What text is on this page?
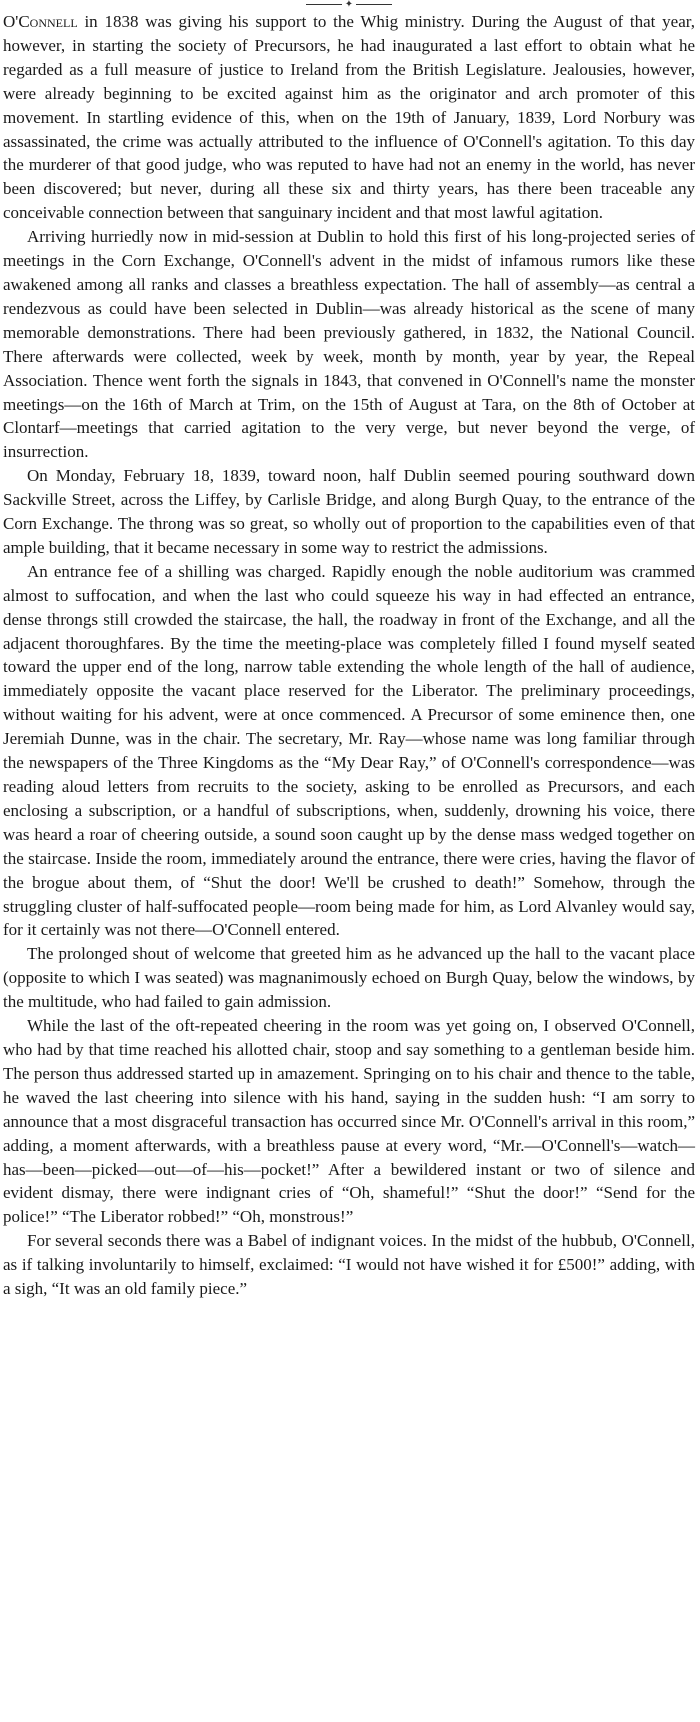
✦

O'Connell in 1838 was giving his support to the Whig ministry. During the August of that year, however, in starting the society of Precursors, he had inaugurated a last effort to obtain what he regarded as a full measure of justice to Ireland from the British Legislature. Jealousies, however, were already beginning to be excited against him as the originator and arch promoter of this movement. In startling evidence of this, when on the 19th of January, 1839, Lord Norbury was assassinated, the crime was actually attributed to the influence of O'Connell's agitation. To this day the murderer of that good judge, who was reputed to have had not an enemy in the world, has never been discovered; but never, during all these six and thirty years, has there been traceable any conceivable connection between that sanguinary incident and that most lawful agitation.

Arriving hurriedly now in mid-session at Dublin to hold this first of his long-projected series of meetings in the Corn Exchange, O'Connell's advent in the midst of infamous rumors like these awakened among all ranks and classes a breathless expectation. The hall of assembly—as central a rendezvous as could have been selected in Dublin—was already historical as the scene of many memorable demonstrations. There had been previously gathered, in 1832, the National Council. There afterwards were collected, week by week, month by month, year by year, the Repeal Association. Thence went forth the signals in 1843, that convened in O'Connell's name the monster meetings—on the 16th of March at Trim, on the 15th of August at Tara, on the 8th of October at Clontarf—meetings that carried agitation to the very verge, but never beyond the verge, of insurrection.

On Monday, February 18, 1839, toward noon, half Dublin seemed pouring southward down Sackville Street, across the Liffey, by Carlisle Bridge, and along Burgh Quay, to the entrance of the Corn Exchange. The throng was so great, so wholly out of proportion to the capabilities even of that ample building, that it became necessary in some way to restrict the admissions.

An entrance fee of a shilling was charged. Rapidly enough the noble auditorium was crammed almost to suffocation, and when the last who could squeeze his way in had effected an entrance, dense throngs still crowded the staircase, the hall, the roadway in front of the Exchange, and all the adjacent thoroughfares. By the time the meeting-place was completely filled I found myself seated toward the upper end of the long, narrow table extending the whole length of the hall of audience, immediately opposite the vacant place reserved for the Liberator. The preliminary proceedings, without waiting for his advent, were at once commenced. A Precursor of some eminence then, one Jeremiah Dunne, was in the chair. The secretary, Mr. Ray—whose name was long familiar through the newspapers of the Three Kingdoms as the “My Dear Ray,” of O'Connell's correspondence—was reading aloud letters from recruits to the society, asking to be enrolled as Precursors, and each enclosing a subscription, or a handful of subscriptions, when, suddenly, drowning his voice, there was heard a roar of cheering outside, a sound soon caught up by the dense mass wedged together on the staircase. Inside the room, immediately around the entrance, there were cries, having the flavor of the brogue about them, of “Shut the door! We'll be crushed to death!” Somehow, through the struggling cluster of half-suffocated people—room being made for him, as Lord Alvanley would say, for it certainly was not there—O'Connell entered.

The prolonged shout of welcome that greeted him as he advanced up the hall to the vacant place (opposite to which I was seated) was magnanimously echoed on Burgh Quay, below the windows, by the multitude, who had failed to gain admission.

While the last of the oft-repeated cheering in the room was yet going on, I observed O'Connell, who had by that time reached his allotted chair, stoop and say something to a gentleman beside him. The person thus addressed started up in amazement. Springing on to his chair and thence to the table, he waved the last cheering into silence with his hand, saying in the sudden hush: “I am sorry to announce that a most disgraceful transaction has occurred since Mr. O'Connell's arrival in this room,” adding, a moment afterwards, with a breathless pause at every word, “Mr.—O'Connell's—watch—has—been—picked—out—of—his—pocket!” After a bewildered instant or two of silence and evident dismay, there were indignant cries of “Oh, shameful!” “Shut the door!” “Send for the police!” “The Liberator robbed!” “Oh, monstrous!”

For several seconds there was a Babel of indignant voices. In the midst of the hubbub, O'Connell, as if talking involuntarily to himself, exclaimed: “I would not have wished it for £500!” adding, with a sigh, “It was an old family piece.”
